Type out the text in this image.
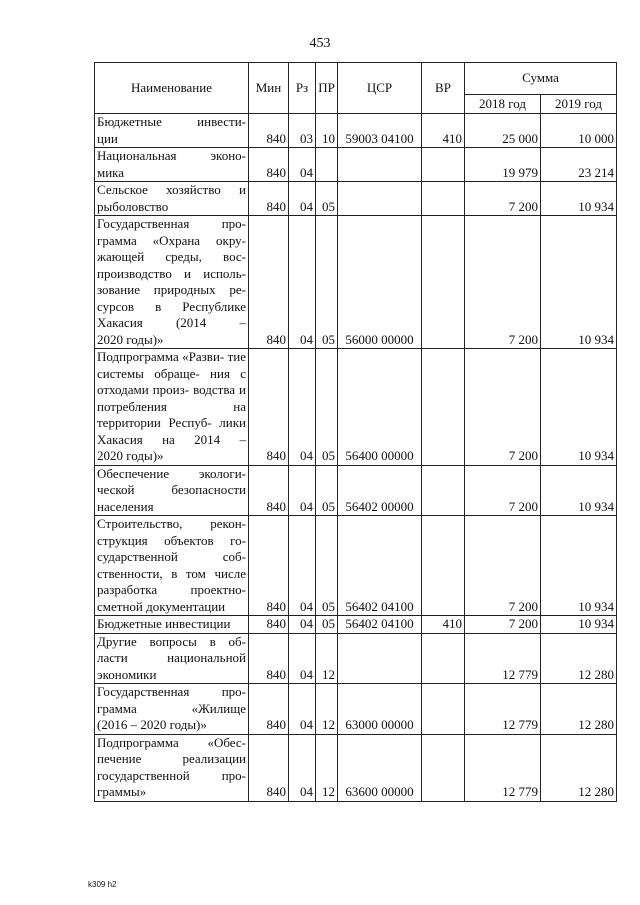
453
Наименование	Мин	Рз	ПР	ЦСР	ВР	Сумма	
						2018 год	2019 год
Бюджетные инвести-
ции	840	03	10	59003 04100	410	25 000	10 000
Национальная эконо-
мика	840	04				19 979	23 214
Сельское хозяйство и
рыболовство	840	04	05			7 200	10 934
Государственная про- грамма «Охрана окру- жающей среды, вос- производство и исполь- зование природных ре- сурсов в Республике Хакасия (2014 –
2020 годы)»	840	04	05	56000 00000		7 200	10 934
Подпрограмма «Разви- тие системы обраще- ния с отходами произ- водства и потребления на территории Респуб- лики Хакасия на 2014 –
2020 годы)»	840	04	05	56400 00000		7 200	10 934
Обеспечение экологи- ческой безопасности
населения	840	04	05	56402 00000		7 200	10 934
Строительство, рекон- струкция объектов го- сударственной соб- ственности, в том числе разработка проектно-
сметной документации	840	04	05	56402 04100		7 200	10 934

Бюджетные инвестиции	840	04	05	56402 04100	410	7 200	10 934
Другие вопросы в об- ласти национальной
экономики	840	04	12			12 779	12 280
Государственная про- грамма «Жилище
(2016 – 2020 годы)»	840	04	12	63000 00000		12 779	12 280
Подпрограмма «Обес- печение реализации государственной про-
граммы»	840	04	12	63600 00000		12 779	12 280
k309 h2
